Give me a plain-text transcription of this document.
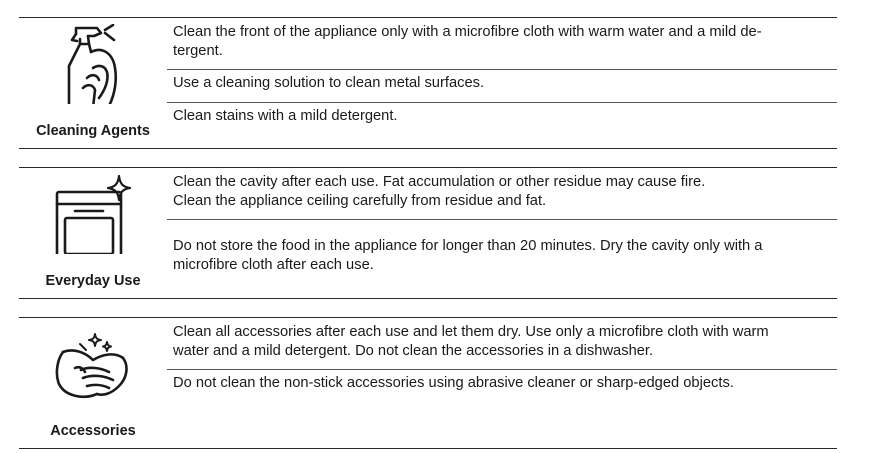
Cleaning Agents
Clean the front of the appliance only with a microfibre cloth with warm water and a mild de-
tergent.
Use a cleaning solution to clean metal surfaces.
Clean stains with a mild detergent.
Everyday Use
Clean the cavity after each use. Fat accumulation or other residue may cause fire.
Clean the appliance ceiling carefully from residue and fat.
Do not store the food in the appliance for longer than 20 minutes. Dry the cavity only with a
microfibre cloth after each use.
Accessories
Clean all accessories after each use and let them dry. Use only a microfibre cloth with warm
water and a mild detergent. Do not clean the accessories in a dishwasher.
Do not clean the non-stick accessories using abrasive cleaner or sharp-edged objects.
